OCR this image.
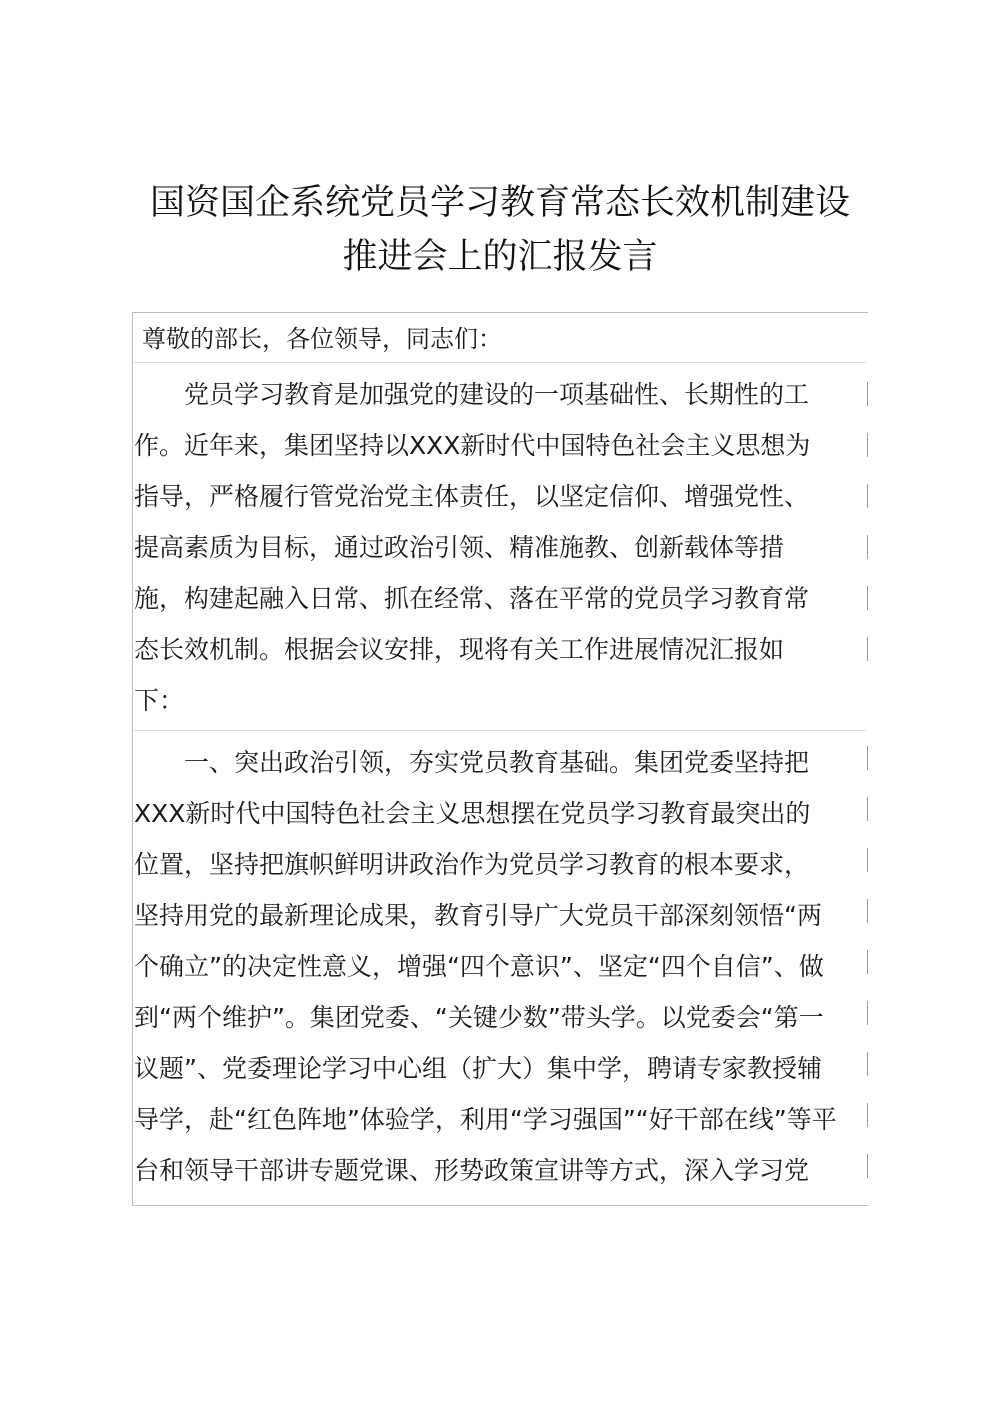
国资国企系统党员学习教育常态长效机制建设
推进会上的汇报发言
尊敬的部长，各位领导，同志们：
　　党员学习教育是加强党的建设的一项基础性、长期性的工
作。近年来，集团坚持以XXX新时代中国特色社会主义思想为
指导，严格履行管党治党主体责任，以坚定信仰、增强党性、
提高素质为目标，通过政治引领、精准施教、创新载体等措
施，构建起融入日常、抓在经常、落在平常的党员学习教育常
态长效机制。根据会议安排，现将有关工作进展情况汇报如
下：
　　一、突出政治引领，夯实党员教育基础。集团党委坚持把
XXX新时代中国特色社会主义思想摆在党员学习教育最突出的
位置，坚持把旗帜鲜明讲政治作为党员学习教育的根本要求，
坚持用党的最新理论成果，教育引导广大党员干部深刻领悟“两
个确立”的决定性意义，增强“四个意识”、坚定“四个自信”、做
到“两个维护”。集团党委、“关键少数”带头学。以党委会“第一
议题”、党委理论学习中心组（扩大）集中学，聘请专家教授辅
导学，赴“红色阵地”体验学，利用“学习强国”“好干部在线”等平
台和领导干部讲专题党课、形势政策宣讲等方式，深入学习党
